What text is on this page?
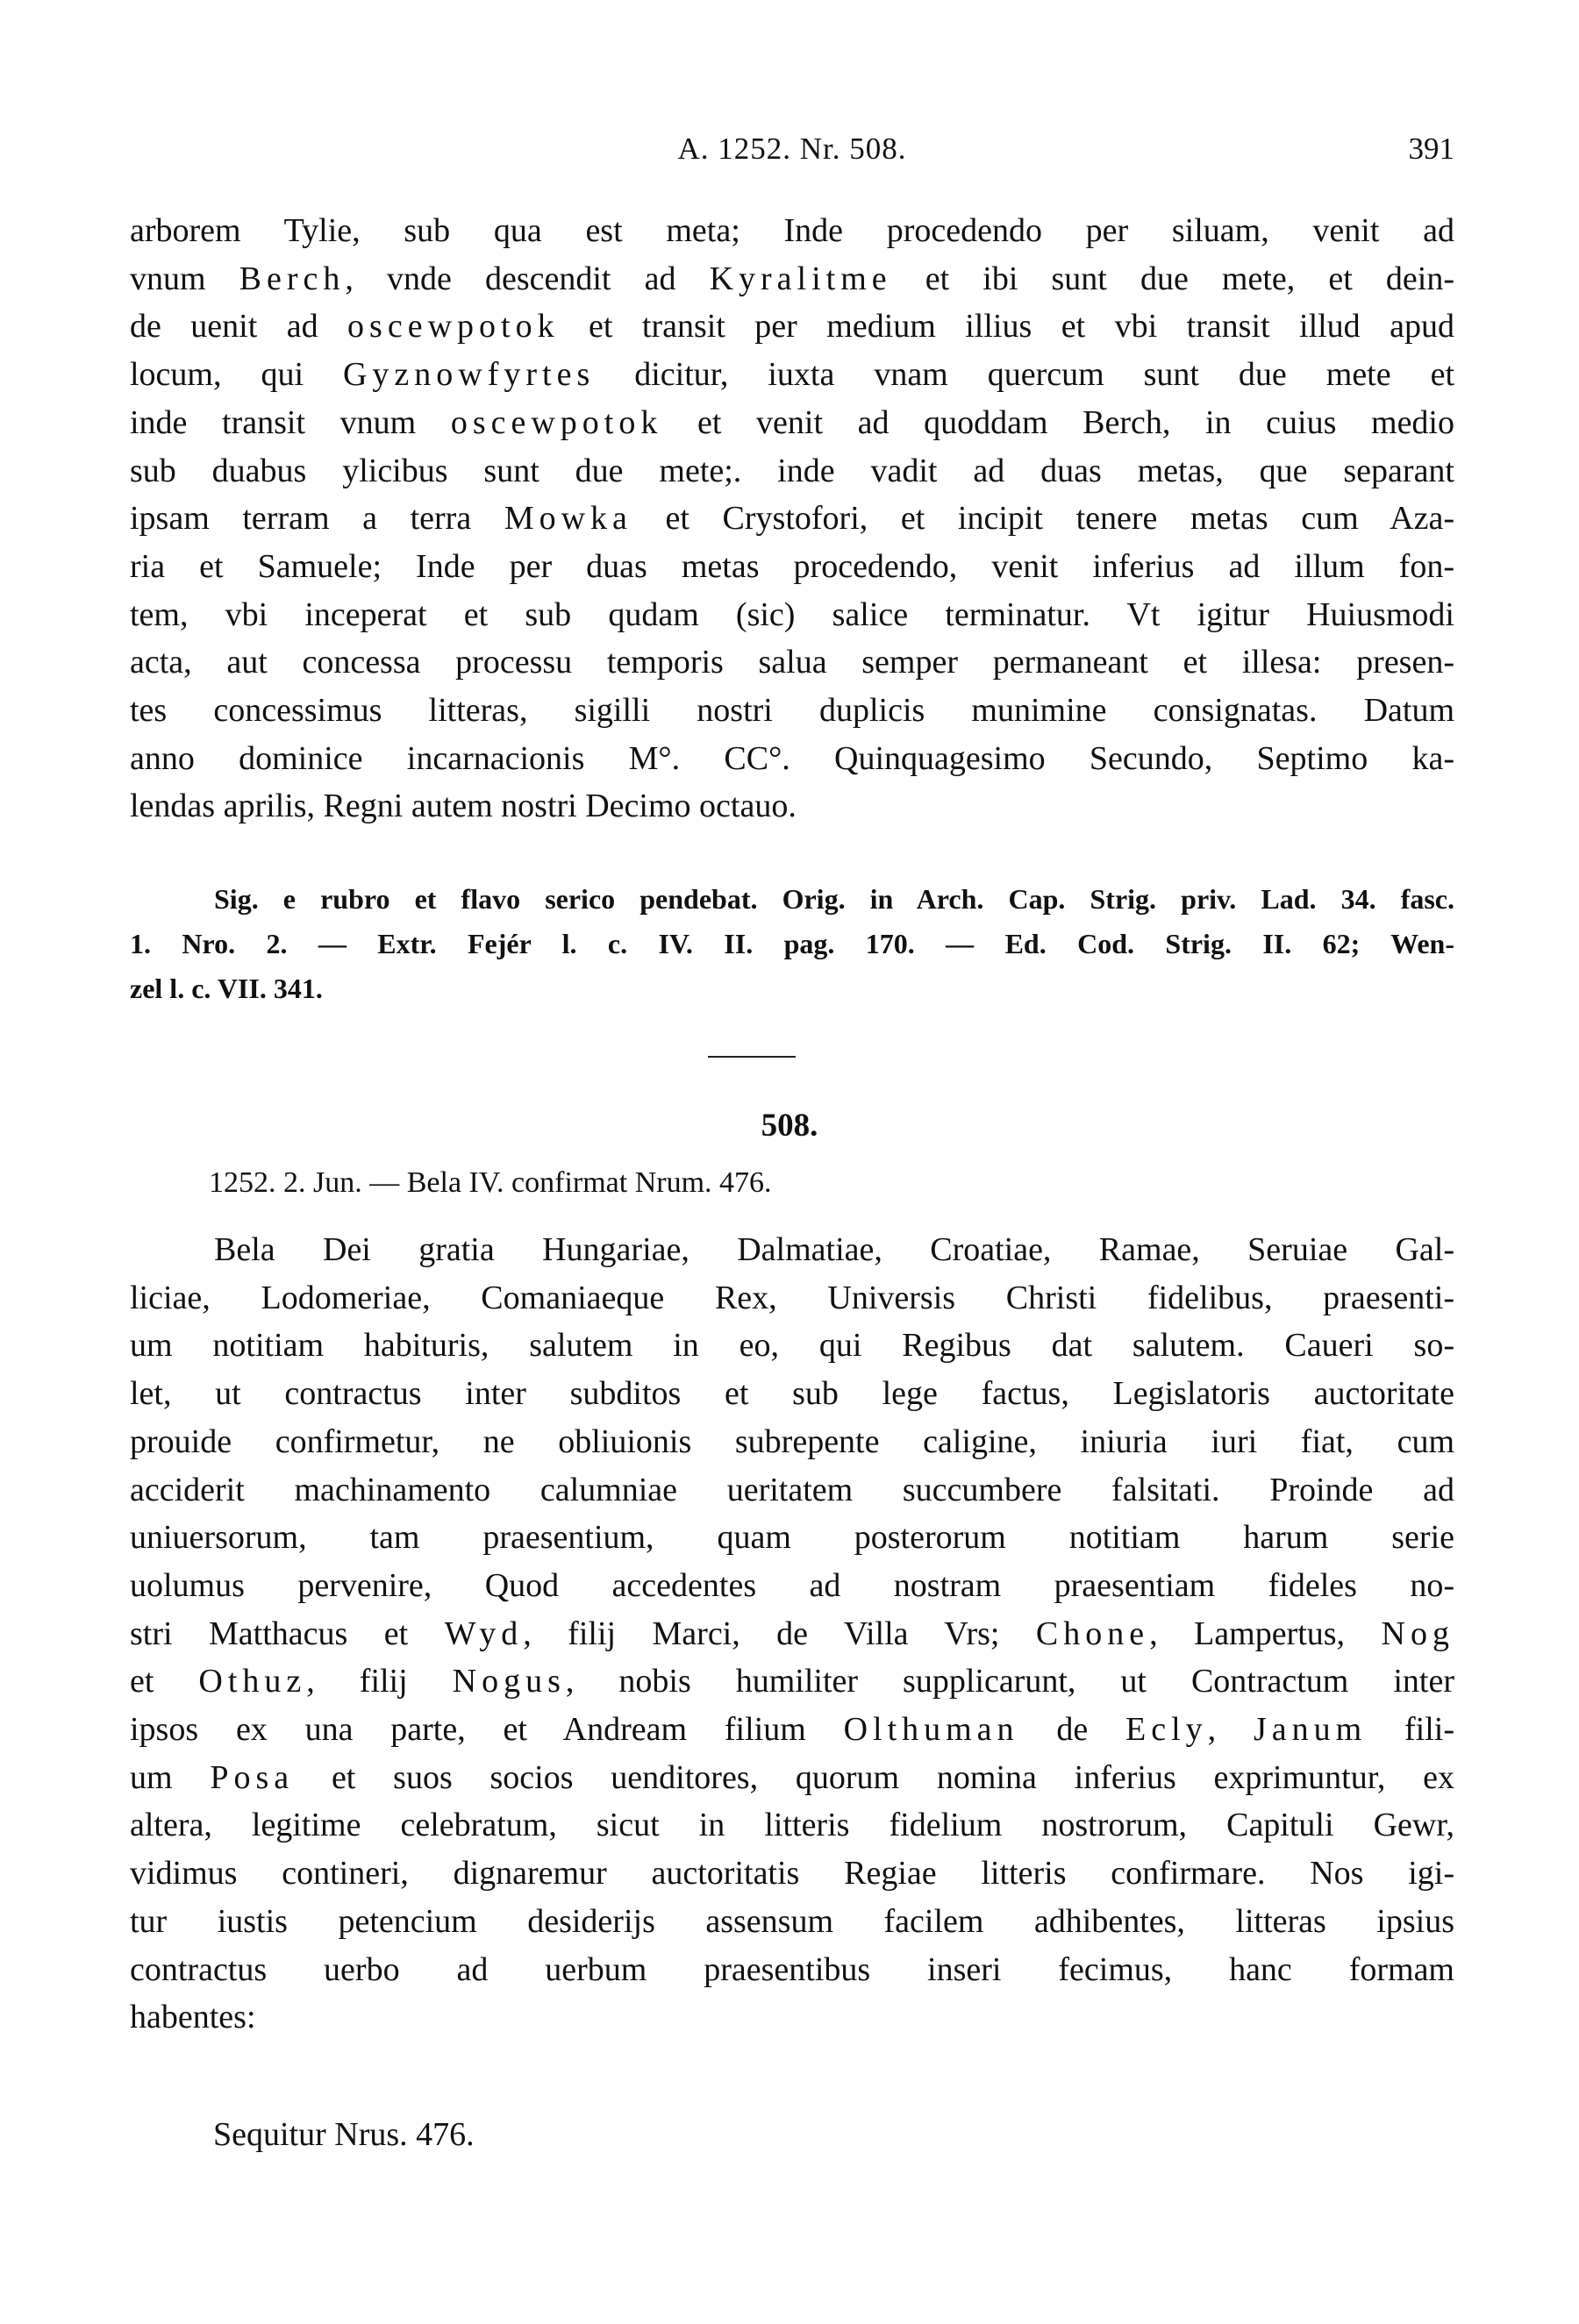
A. 1252. Nr. 508.	391
arborem Tylie, sub qua est meta; Inde procedendo per siluam, venit ad
vnum Berch, vnde descendit ad Kyralitme et ibi sunt due mete, et dein-
de uenit ad oscewpotok et transit per medium illius et vbi transit illud apud
locum, qui Gyznowfyrtes dicitur, iuxta vnam quercum sunt due mete et
inde transit vnum oscewpotok et venit ad quoddam Berch, in cuius medio
sub duabus ylicibus sunt due mete;. inde vadit ad duas metas, que separant
ipsam terram a terra Mowka et Crystofori, et incipit tenere metas cum Aza-
ria et Samuele; Inde per duas metas procedendo, venit inferius ad illum fon-
tem, vbi inceperat et sub qudam (sic) salice terminatur. Vt igitur Huiusmodi
acta, aut concessa processu temporis salua semper permaneant et illesa: presen-
tes concessimus litteras, sigilli nostri duplicis munimine consignatas. Datum
anno dominice incarnacionis M°. CC°. Quinquagesimo Secundo, Septimo ka-
lendas aprilis, Regni autem nostri Decimo octauo.
Sig. e rubro et flavo serico pendebat. Orig. in Arch. Cap. Strig. priv. Lad. 34. fasc.
1. Nro. 2. — Extr. Fejér l. c. IV. II. pag. 170. — Ed. Cod. Strig. II. 62; Wen-
zel l. c. VII. 341.
508.

1252. 2. Jun. — Bela IV. confirmat Nrum. 476.

Bela Dei gratia Hungariae, Dalmatiae, Croatiae, Ramae, Seruiae Gal-
liciae, Lodomeriae, Comaniaeque Rex, Universis Christi fidelibus, praesenti-
um notitiam habituris, salutem in eo, qui Regibus dat salutem. Caueri so-
let, ut contractus inter subditos et sub lege factus, Legislatoris auctoritate
prouide confirmetur, ne obliuionis subrepente caligine, iniuria iuri fiat, cum
acciderit machinamento calumniae ueritatem succumbere falsitati. Proinde ad
uniuersorum, tam praesentium, quam posterorum notitiam harum serie
uolumus pervenire, Quod accedentes ad nostram praesentiam fideles no-
stri Matthacus et Wyd, filij Marci, de Villa Vrs; Chone, Lampertus, Nog
et Othuz, filij Nogus, nobis humiliter supplicarunt, ut Contractum inter
ipsos ex una parte, et Andream filium Olthuman de Ecly, Janum fili-
um Posa et suos socios uenditores, quorum nomina inferius exprimuntur, ex
altera, legitime celebratum, sicut in litteris fidelium nostrorum, Capituli Gewr,
vidimus contineri, dignaremur auctoritatis Regiae litteris confirmare. Nos igi-
tur iustis petencium desiderijs assensum facilem adhibentes, litteras ipsius
contractus uerbo ad uerbum praesentibus inseri fecimus, hanc formam
habentes:

Sequitur Nrus. 476.
